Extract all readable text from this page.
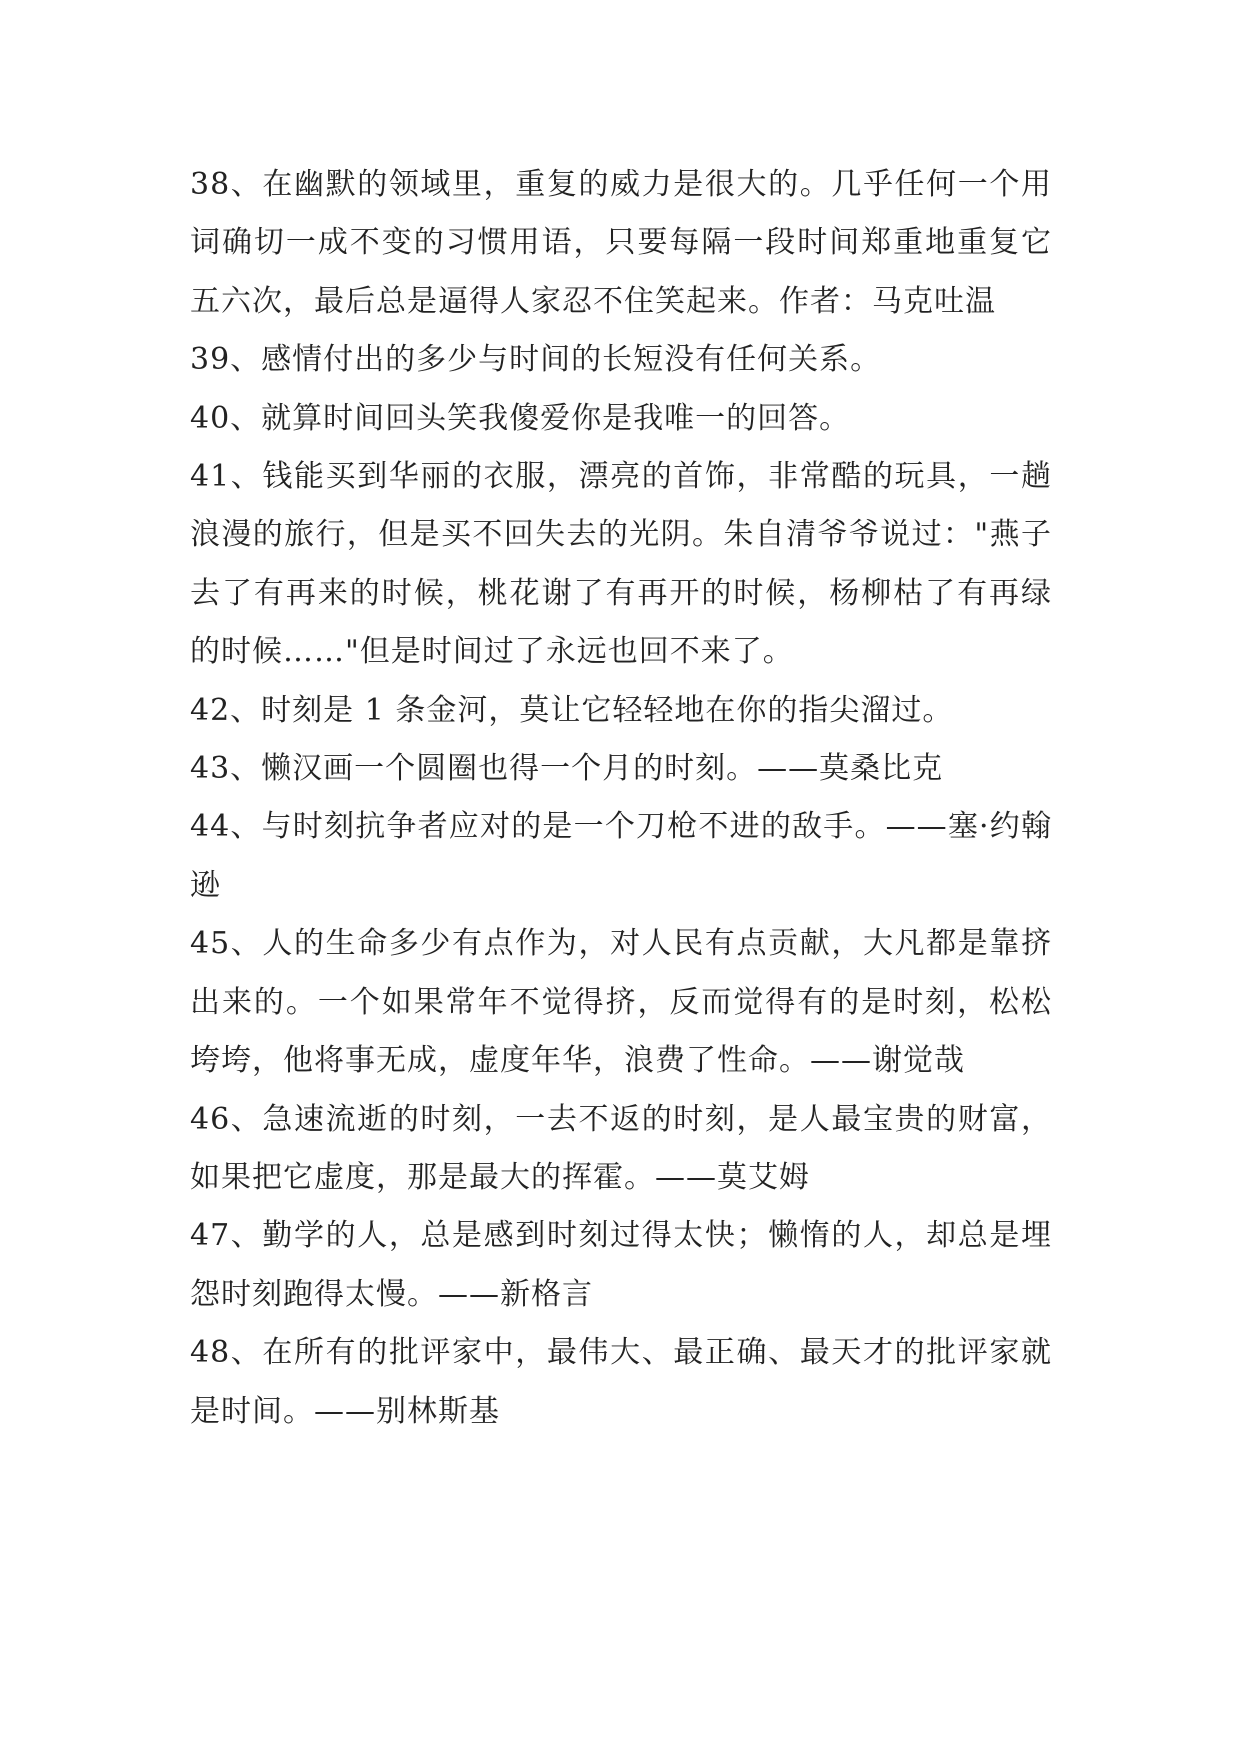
38、在幽默的领域里，重复的威力是很大的。几乎任何一个用词确切一成不变的习惯用语，只要每隔一段时间郑重地重复它五六次，最后总是逼得人家忍不住笑起来。作者：马克吐温

39、感情付出的多少与时间的长短没有任何关系。

40、就算时间回头笑我傻爱你是我唯一的回答。

41、钱能买到华丽的衣服，漂亮的首饰，非常酷的玩具，一趟浪漫的旅行，但是买不回失去的光阴。朱自清爷爷说过："燕子去了有再来的时候，桃花谢了有再开的时候，杨柳枯了有再绿的时候……"但是时间过了永远也回不来了。

42、时刻是 1 条金河，莫让它轻轻地在你的指尖溜过。

43、懒汉画一个圆圈也得一个月的时刻。——莫桑比克

44、与时刻抗争者应对的是一个刀枪不进的敌手。——塞·约翰逊

45、人的生命多少有点作为，对人民有点贡献，大凡都是靠挤出来的。一个如果常年不觉得挤，反而觉得有的是时刻，松松垮垮，他将事无成，虚度年华，浪费了性命。——谢觉哉

46、急速流逝的时刻，一去不返的时刻，是人最宝贵的财富，如果把它虚度，那是最大的挥霍。——莫艾姆

47、勤学的人，总是感到时刻过得太快；懒惰的人，却总是埋怨时刻跑得太慢。——新格言

48、在所有的批评家中，最伟大、最正确、最天才的批评家就是时间。——别林斯基
